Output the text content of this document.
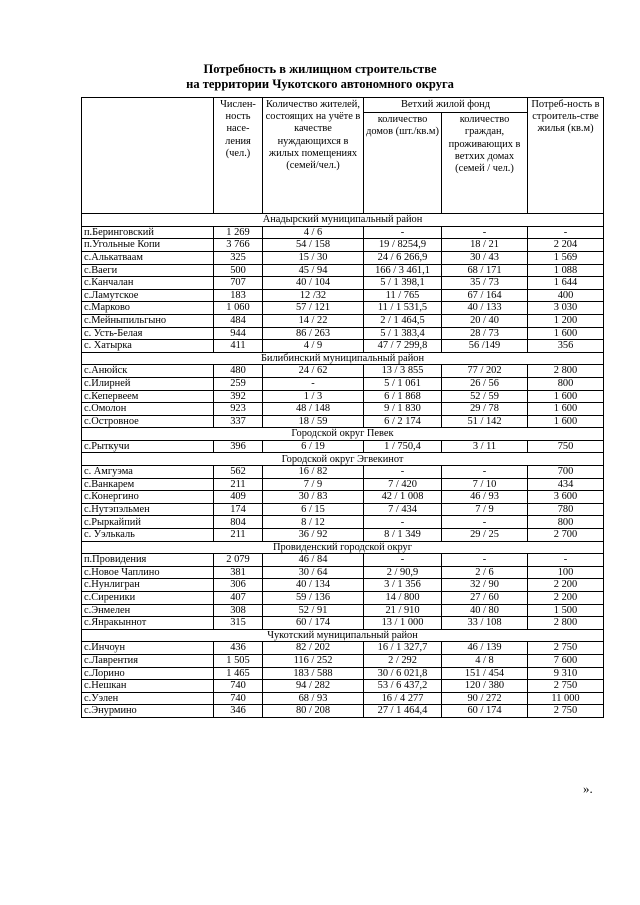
Потребность в жилищном строительстве
на территории Чукотского автономного округа
	Числен-ность насе-ления (чел.)	Количество жителей, состоящих на учёте в качестве нуждающихся в жилых помещениях (семей/чел.)	Ветхий жилой фонд		Потреб-ность в строитель-стве жилья (кв.м)
			количество домов (шт./кв.м)	количество граждан, проживающих в ветхих домах (семей / чел.)	
Анадырский муниципальный район					
п.Беринговский	1 269	4 / 6	-	-	-
п.Угольные Копи	3 766	54 / 158	19 / 8254,9	18 / 21	2 204
с.Алькатваам	325	15 / 30	24 / 6 266,9	30 / 43	1 569
с.Ваеги	500	45 / 94	166 / 3 461,1	68 / 171	1 088
с.Канчалан	707	40 / 104	5 / 1 398,1	35 / 73	1 644
с.Ламутское	183	12 /32	11 / 765	67 / 164	400
с.Марково	1 060	57 / 121	11 / 1 531,5	40 / 133	3 030
с.Мейныпильгыно	484	14 / 22	2 / 1 464,5	20 / 40	1 200
с. Усть-Белая	944	86 / 263	5 / 1 383,4	28 / 73	1 600
с. Хатырка	411	4 / 9	47 / 7 299,8	56 /149	356
Билибинский муниципальный район					
с.Анюйск	480	24 / 62	13 / 3 855	77 / 202	2 800
с.Илирней	259	-	5 / 1 061	26 / 56	800
с.Кепервеем	392	1 / 3	6 / 1 868	52 / 59	1 600
с.Омолон	923	48 / 148	9 / 1 830	29 / 78	1 600
с.Островное	337	18 / 59	6 / 2 174	51 / 142	1 600
Городской округ Певек					
с.Рыткучи	396	6 / 19	1 / 750,4	3 / 11	750
Городской округ Эгвекинот					
с. Амгуэма	562	16 / 82	-	-	700
с.Ванкарем	211	7 / 9	7 / 420	7 / 10	434
с.Конергино	409	30 / 83	42 / 1 008	46 / 93	3 600
с.Нутэпэльмен	174	6 / 15	7 / 434	7 / 9	780
с.Рыркайпий	804	8 / 12	-	-	800
с. Уэлькаль	211	36 / 92	8 / 1 349	29 / 25	2 700
Провиденский городской округ					
п.Провидения	2 079	46 / 84	-	-	-
с.Новое Чаплино	381	30 / 64	2 / 90,9	2 / 6	100
с.Нунлигран	306	40 / 134	3 / 1 356	32 / 90	2 200
с.Сиреники	407	59 / 136	14 / 800	27 / 60	2 200
с.Энмелен	308	52 / 91	21 / 910	40 / 80	1 500
с.Янракыннот	315	60 / 174	13 / 1 000	33 / 108	2 800
Чукотский муниципальный район					
с.Инчоун	436	82 / 202	16 / 1 327,7	46 / 139	2 750
с.Лаврентия	1 505	116 / 252	2 / 292	4 / 8	7 600
с.Лорино	1 465	183 / 588	30 / 6 021,8	151 / 454	9 310
с.Нешкан	740	94 / 282	53 / 6 437,2	120 / 380	2 750
с.Уэлен	740	68 / 93	16 / 4 277	90 / 272	11 000
с.Энурмино	346	80 / 208	27 / 1 464,4	60 / 174	2 750
».
